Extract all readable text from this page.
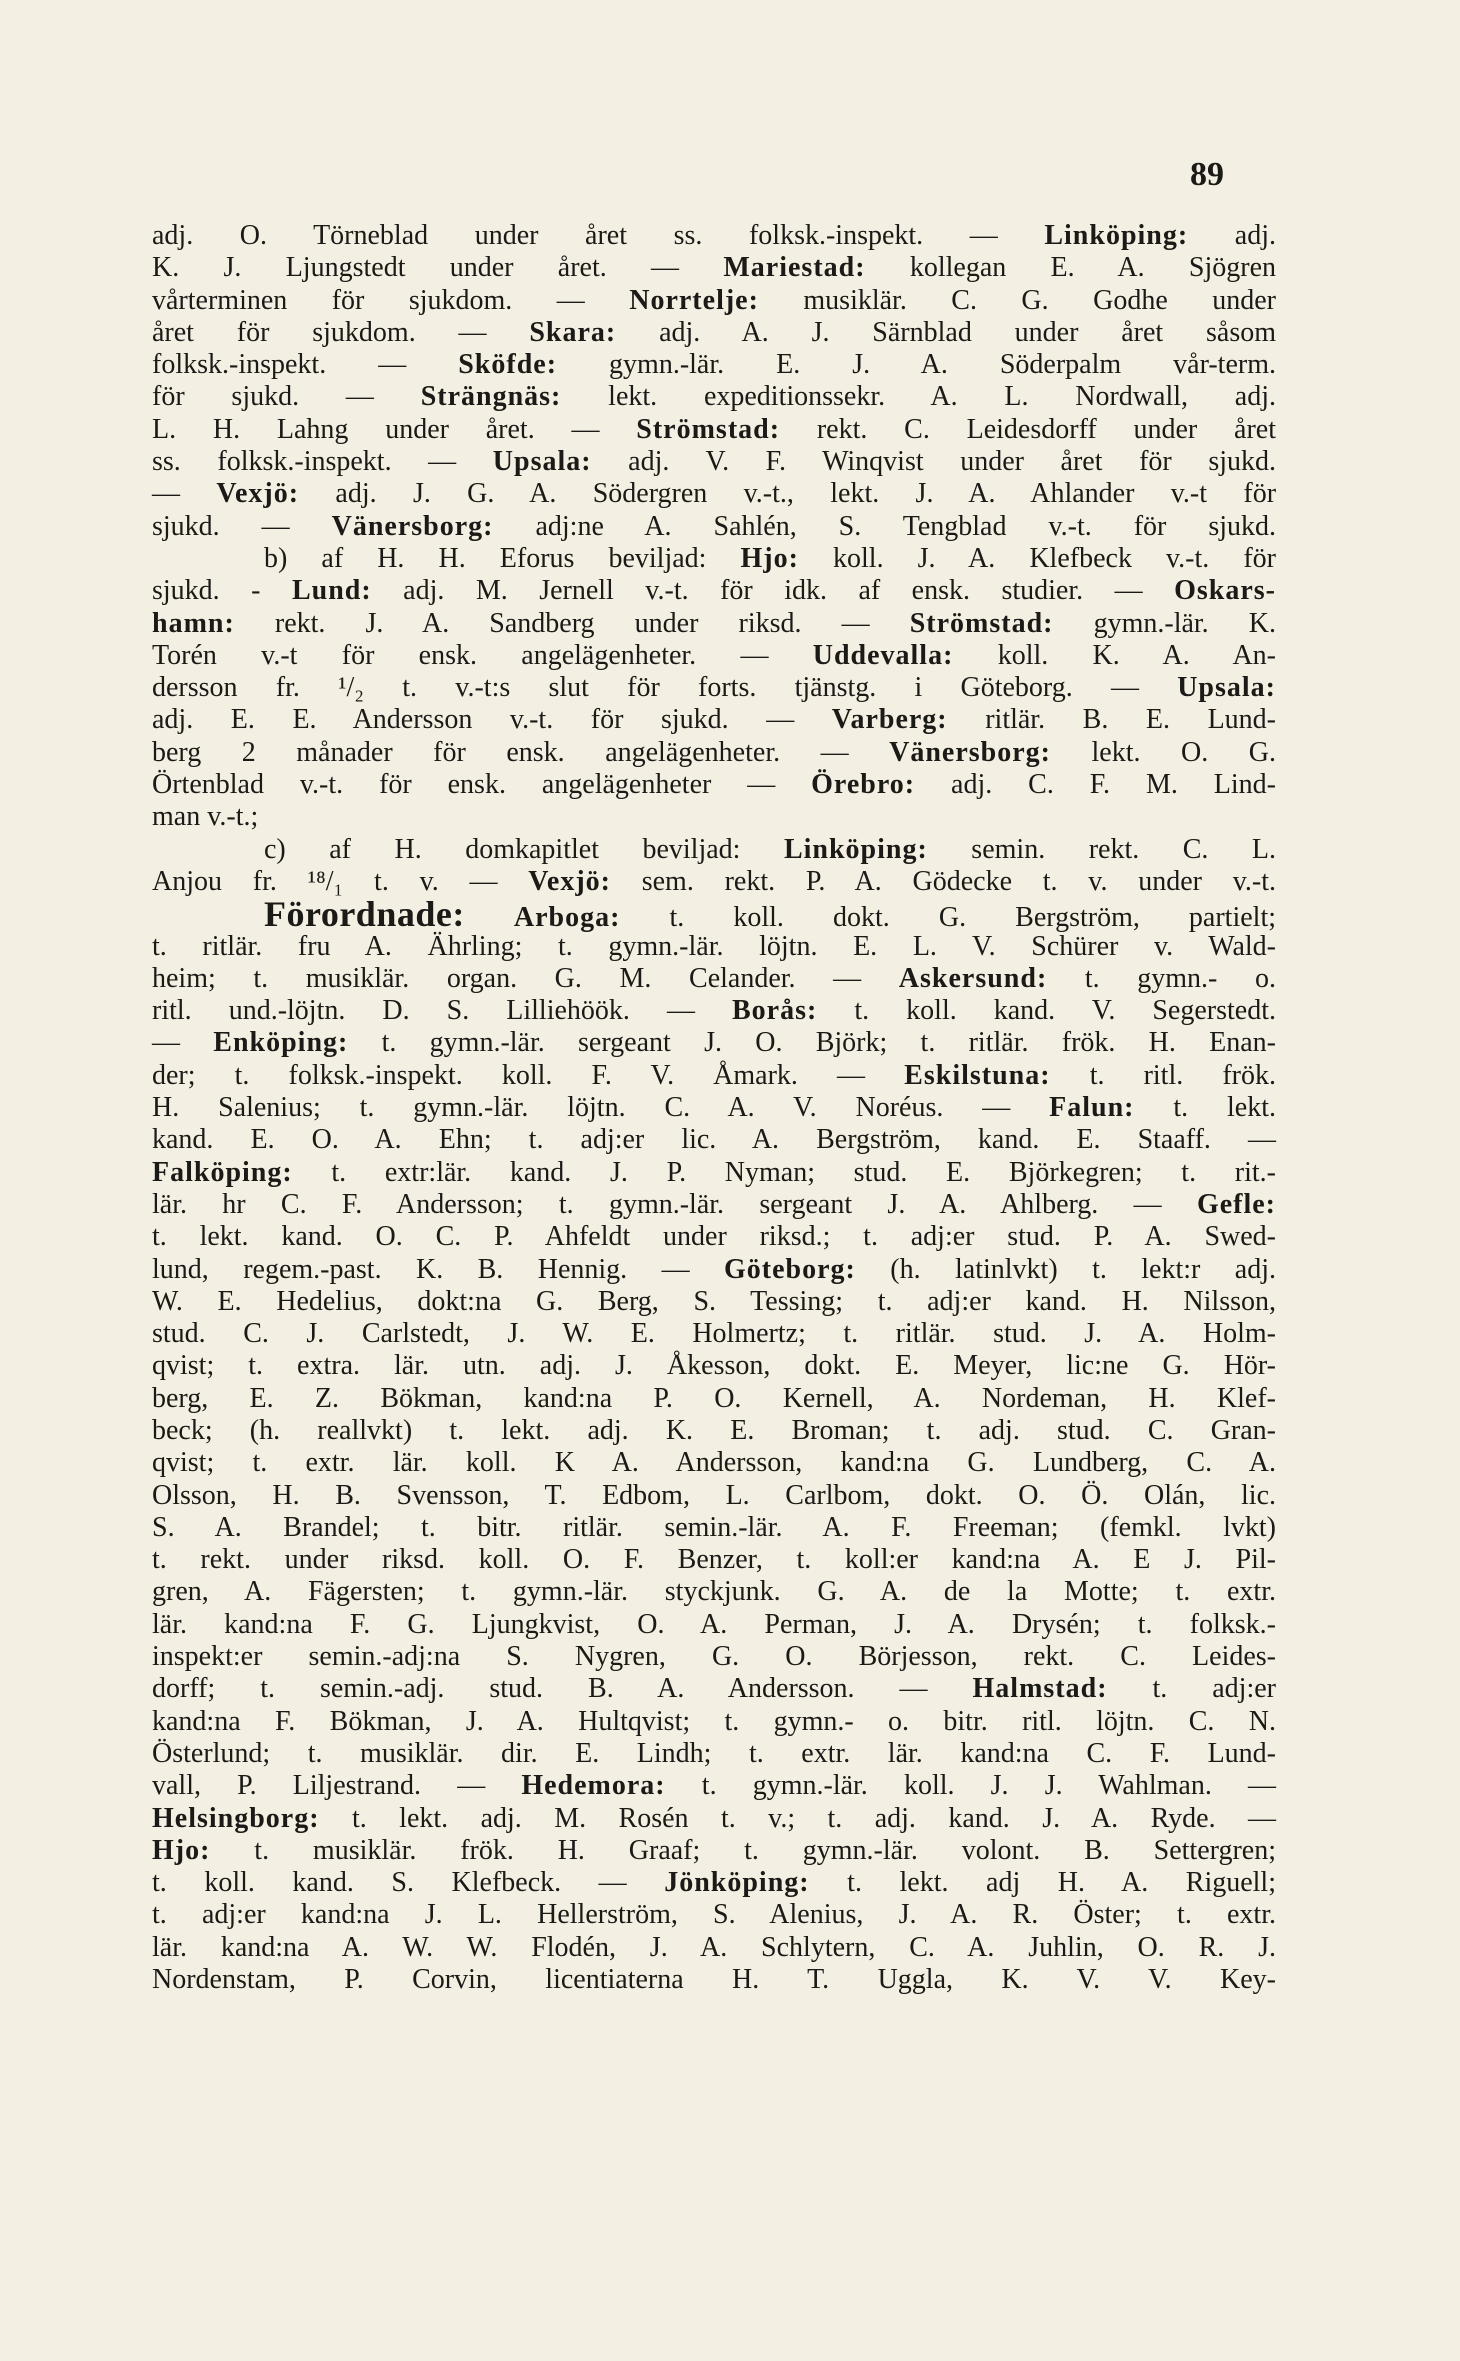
89
adj. O. Törneblad under året ss. folksk.-inspekt. — Linköping: adj.
K. J. Ljungstedt under året. — Mariestad: kollegan E. A. Sjögren
vårterminen för sjukdom. — Norrtelje: musiklär. C. G. Godhe under
året för sjukdom. — Skara: adj. A. J. Särnblad under året såsom
folksk.-inspekt. — Sköfde: gymn.-lär. E. J. A. Söderpalm vår-term.
för sjukd. — Strängnäs: lekt. expeditionssekr. A. L. Nordwall, adj.
L. H. Lahng under året. — Strömstad: rekt. C. Leidesdorff under året
ss. folksk.-inspekt. — Upsala: adj. V. F. Winqvist under året för sjukd.
— Vexjö: adj. J. G. A. Södergren v.-t., lekt. J. A. Ahlander v.-t för
sjukd. — Vänersborg: adj:ne A. Sahlén, S. Tengblad v.-t. för sjukd.
b) af H. H. Eforus beviljad: Hjo: koll. J. A. Klefbeck v.-t. för
sjukd. - Lund: adj. M. Jernell v.-t. för idk. af ensk. studier. — Oskars-
hamn: rekt. J. A. Sandberg under riksd. — Strömstad: gymn.-lär. K.
Torén v.-t för ensk. angelägenheter. — Uddevalla: koll. K. A. An-
dersson fr. ¹/₂ t. v.-t:s slut för forts. tjänstg. i Göteborg. — Upsala:
adj. E. E. Andersson v.-t. för sjukd. — Varberg: ritlär. B. E. Lund-
berg 2 månader för ensk. angelägenheter. — Vänersborg: lekt. O. G.
Örtenblad v.-t. för ensk. angelägenheter — Örebro: adj. C. F. M. Lind-
man v.-t.;
c) af H. domkapitlet beviljad: Linköping: semin. rekt. C. L.
Anjou fr. ¹⁸/₁ t. v. — Vexjö: sem. rekt. P. A. Gödecke t. v. under v.-t.
Förordnade: Arboga: t. koll. dokt. G. Bergström, partielt;
t. ritlär. fru A. Ährling; t. gymn.-lär. löjtn. E. L. V. Schürer v. Wald-
heim; t. musiklär. organ. G. M. Celander. — Askersund: t. gymn.- o.
ritl. und.-löjtn. D. S. Lilliehöök. — Borås: t. koll. kand. V. Segerstedt.
— Enköping: t. gymn.-lär. sergeant J. O. Björk; t. ritlär. frök. H. Enan-
der; t. folksk.-inspekt. koll. F. V. Åmark. — Eskilstuna: t. ritl. frök.
H. Salenius; t. gymn.-lär. löjtn. C. A. V. Noréus. — Falun: t. lekt.
kand. E. O. A. Ehn; t. adj:er lic. A. Bergström, kand. E. Staaff. —
Falköping: t. extr:lär. kand. J. P. Nyman; stud. E. Björkegren; t. rit.-
lär. hr C. F. Andersson; t. gymn.-lär. sergeant J. A. Ahlberg. — Gefle:
t. lekt. kand. O. C. P. Ahfeldt under riksd.; t. adj:er stud. P. A. Swed-
lund, regem.-past. K. B. Hennig. — Göteborg: (h. latinlvkt) t. lekt:r adj.
W. E. Hedelius, dokt:na G. Berg, S. Tessing; t. adj:er kand. H. Nilsson,
stud. C. J. Carlstedt, J. W. E. Holmertz; t. ritlär. stud. J. A. Holm-
qvist; t. extra. lär. utn. adj. J. Åkesson, dokt. E. Meyer, lic:ne G. Hör-
berg, E. Z. Bökman, kand:na P. O. Kernell, A. Nordeman, H. Klef-
beck; (h. reallvkt) t. lekt. adj. K. E. Broman; t. adj. stud. C. Gran-
qvist; t. extr. lär. koll. K A. Andersson, kand:na G. Lundberg, C. A.
Olsson, H. B. Svensson, T. Edbom, L. Carlbom, dokt. O. Ö. Olán, lic.
S. A. Brandel; t. bitr. ritlär. semin.-lär. A. F. Freeman; (femkl. lvkt)
t. rekt. under riksd. koll. O. F. Benzer, t. koll:er kand:na A. E J. Pil-
gren, A. Fägersten; t. gymn.-lär. styckjunk. G. A. de la Motte; t. extr.
lär. kand:na F. G. Ljungkvist, O. A. Perman, J. A. Drysén; t. folksk.-
inspekt:er semin.-adj:na S. Nygren, G. O. Börjesson, rekt. C. Leides-
dorff; t. semin.-adj. stud. B. A. Andersson. — Halmstad: t. adj:er
kand:na F. Bökman, J. A. Hultqvist; t. gymn.- o. bitr. ritl. löjtn. C. N.
Österlund; t. musiklär. dir. E. Lindh; t. extr. lär. kand:na C. F. Lund-
vall, P. Liljestrand. — Hedemora: t. gymn.-lär. koll. J. J. Wahlman. —
Helsingborg: t. lekt. adj. M. Rosén t. v.; t. adj. kand. J. A. Ryde. —
Hjo: t. musiklär. frök. H. Graaf; t. gymn.-lär. volont. B. Settergren;
t. koll. kand. S. Klefbeck. — Jönköping: t. lekt. adj H. A. Riguell;
t. adj:er kand:na J. L. Hellerström, S. Alenius, J. A. R. Öster; t. extr.
lär. kand:na A. W. W. Flodén, J. A. Schlytern, C. A. Juhlin, O. R. J.
Nordenstam, P. Corvin, licentiaterna H. T. Uggla, K. V. V. Key-
